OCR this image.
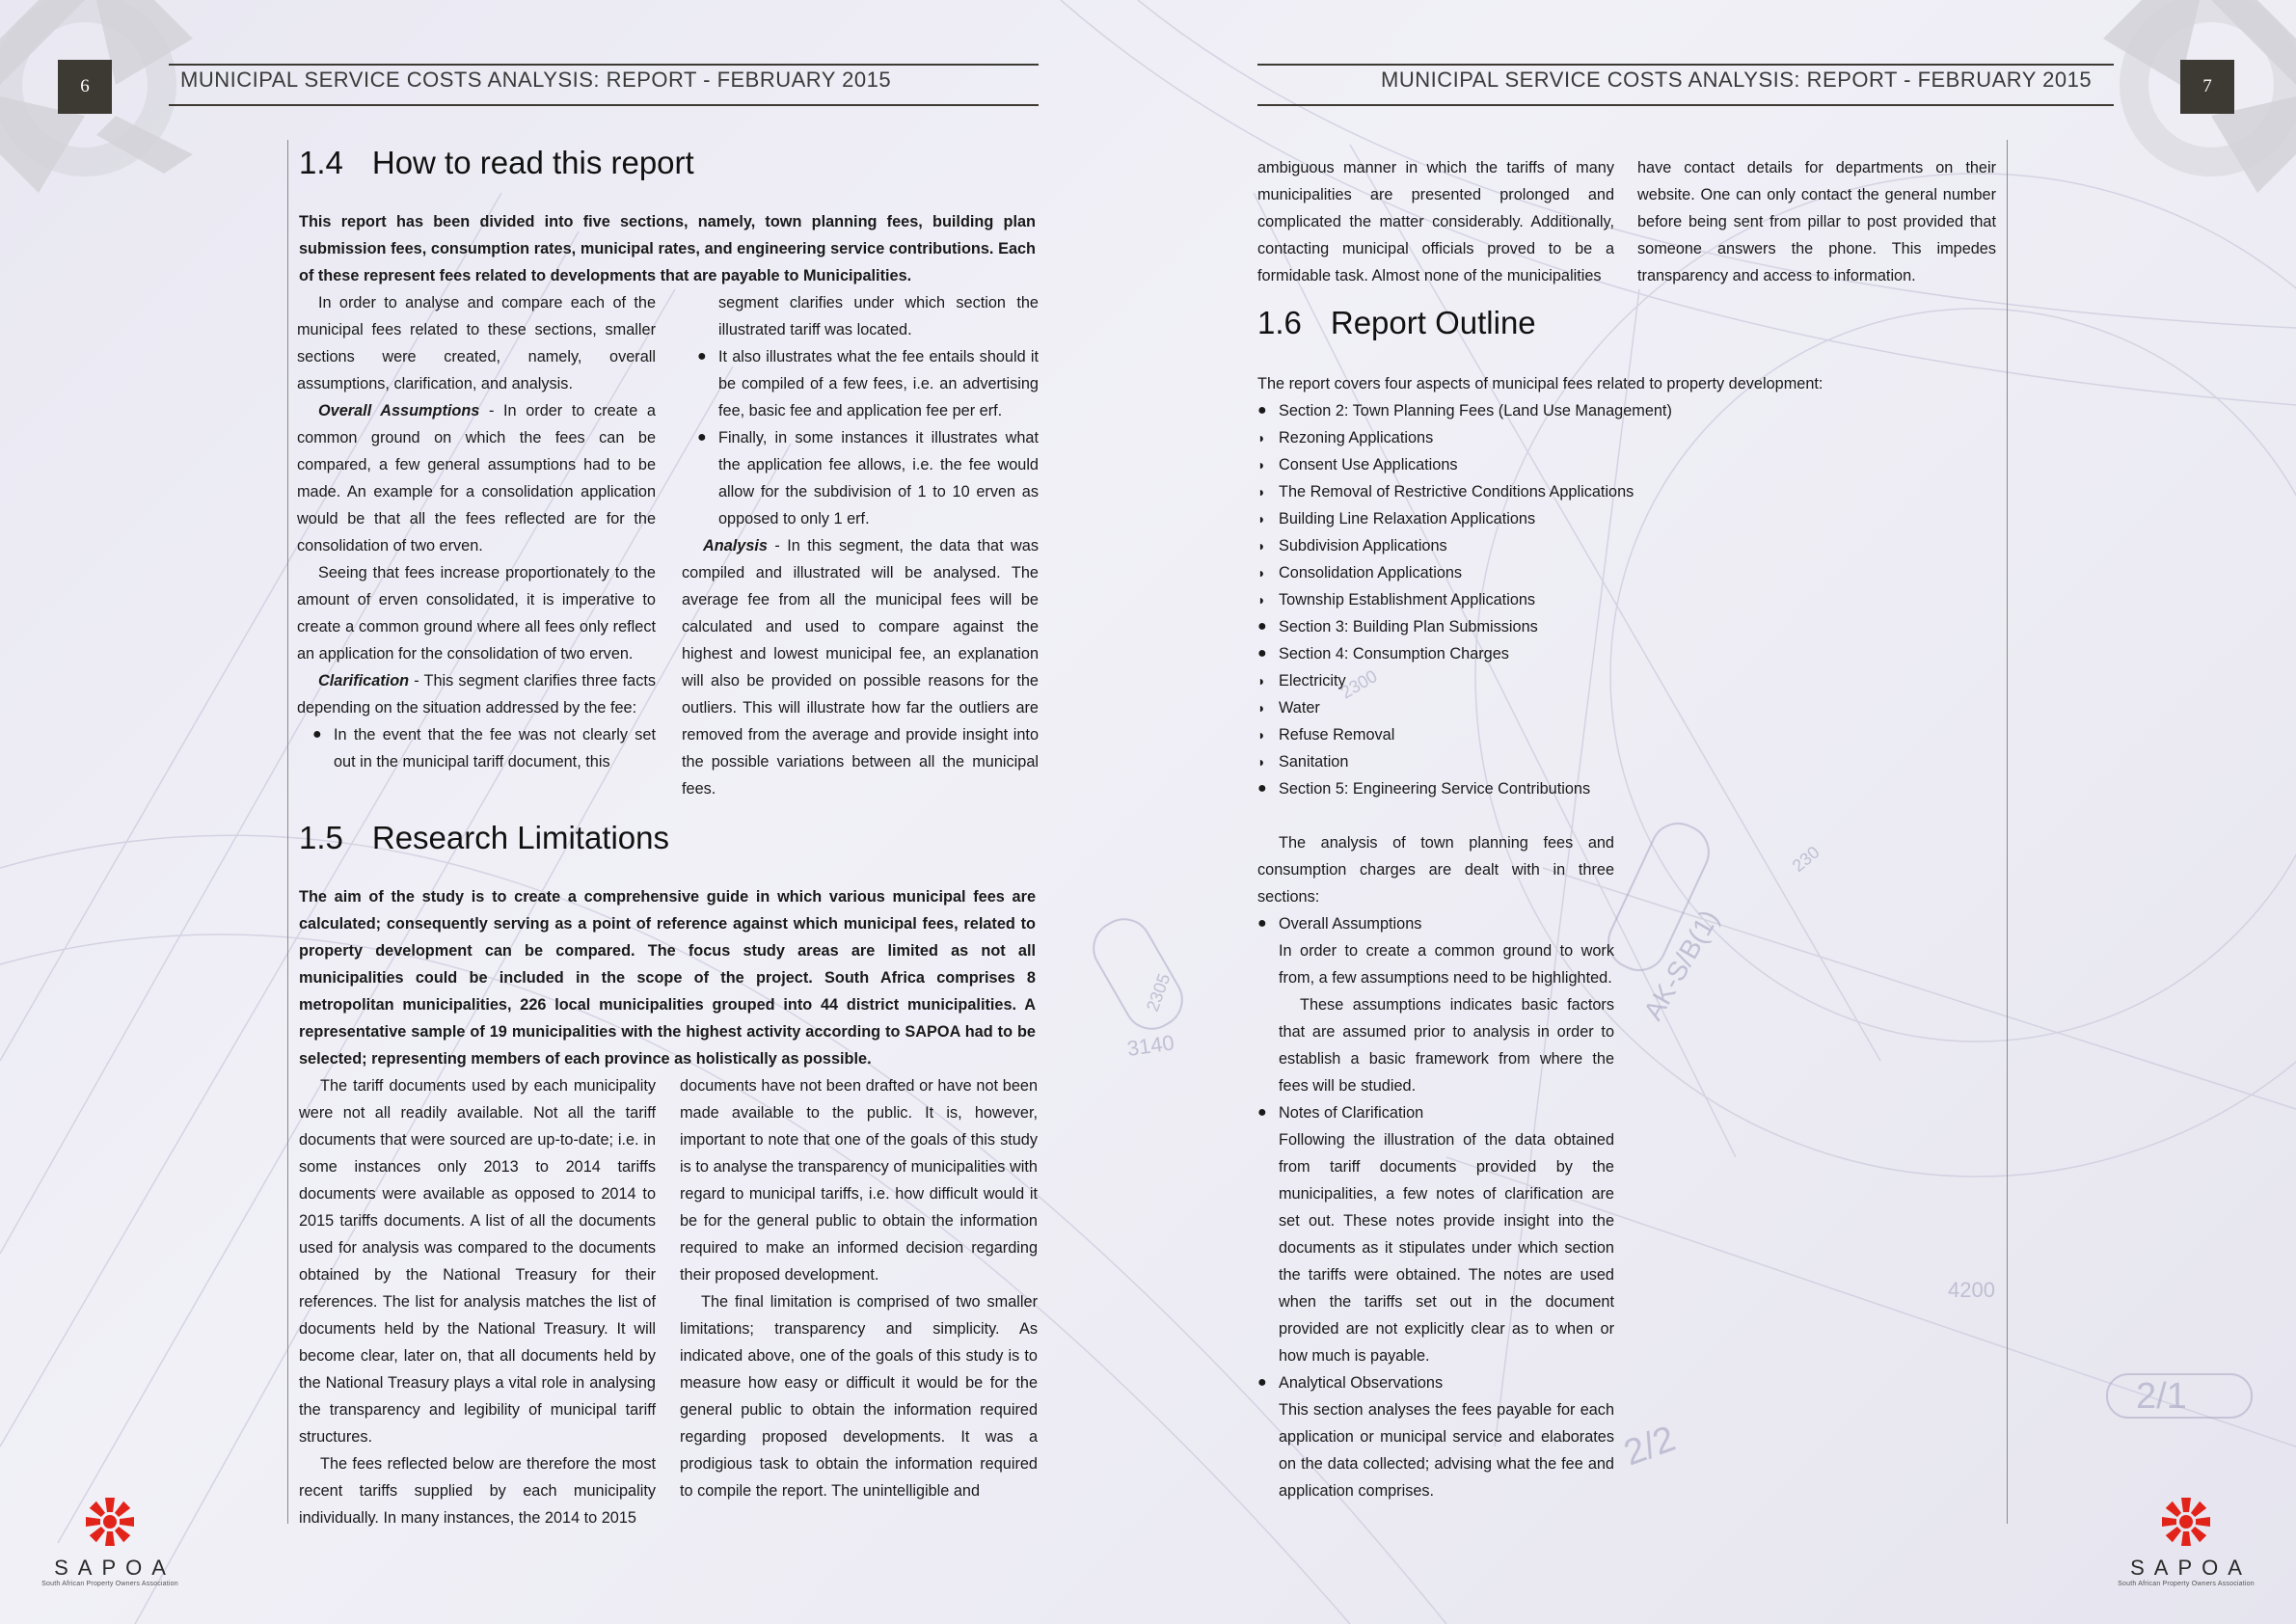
3140
4200
2/1
AK-S/B(1)
2/2
230
2305
2300
6	MUNICIPAL SERVICE COSTS ANALYSIS: REPORT - FEBRUARY 2015	7
MUNICIPAL SERVICE COSTS ANALYSIS: REPORT - FEBRUARY 2015
1.4 How to read this report

This report has been divided into five sections, namely, town planning fees, building plan submission fees, consumption rates, municipal rates, and engineering service contributions. Each of these represent fees related to developments that are payable to Municipalities.

In order to analyse and compare each of the municipal fees related to these sections, smaller sections were created, namely, overall assumptions, clarification, and analysis.

Overall Assumptions - In order to create a common ground on which the fees can be compared, a few general assumptions had to be made. An example for a consolidation application would be that all the fees reflected are for the consolidation of two erven.

Seeing that fees increase proportionately to the amount of erven consolidated, it is imperative to create a common ground where all fees only reflect an application for the consolidation of two erven.

Clarification - This segment clarifies three facts depending on the situation addressed by the fee:

● In the event that the fee was not clearly set out in the municipal tariff document, this

segment clarifies under which section the illustrated tariff was located.

● It also illustrates what the fee entails should it be compiled of a few fees, i.e. an advertising fee, basic fee and application fee per erf.

● Finally, in some instances it illustrates what the application fee allows, i.e. the fee would allow for the subdivision of 1 to 10 erven as opposed to only 1 erf.

Analysis - In this segment, the data that was compiled and illustrated will be analysed. The average fee from all the municipal fees will be calculated and used to compare against the highest and lowest municipal fee, an explanation will also be provided on possible reasons for the outliers. This will illustrate how far the outliers are removed from the average and provide insight into the possible variations between all the municipal fees.

1.5 Research Limitations

The aim of the study is to create a comprehensive guide in which various municipal fees are calculated; consequently serving as a point of reference against which municipal fees, related to property development can be compared. The focus study areas are limited as not all municipalities could be included in the scope of the project. South Africa comprises 8 metropolitan municipalities, 226 local municipalities grouped into 44 district municipalities. A representative sample of 19 municipalities with the highest activity according to SAPOA had to be selected; representing members of each province as holistically as possible.

The tariff documents used by each municipality were not all readily available. Not all the tariff documents that were sourced are up-to-date; i.e. in some instances only 2013 to 2014 tariffs documents were available as opposed to 2014 to 2015 tariffs documents. A list of all the documents used for analysis was compared to the documents obtained by the National Treasury for their references. The list for analysis matches the list of documents held by the National Treasury. It will become clear, later on, that all documents held by the National Treasury plays a vital role in analysing the transparency and legibility of municipal tariff structures.

The fees reflected below are therefore the most recent tariffs supplied by each municipality individually. In many instances, the 2014 to 2015

documents have not been drafted or have not been made available to the public. It is, however, important to note that one of the goals of this study is to analyse the transparency of municipalities with regard to municipal tariffs, i.e. how difficult would it be for the general public to obtain the information required to make an informed decision regarding their proposed development.

The final limitation is comprised of two smaller limitations; transparency and simplicity. As indicated above, one of the goals of this study is to measure how easy or difficult it would be for the general public to obtain the information required regarding proposed developments. It was a prodigious task to obtain the information required to compile the report. The unintelligible and

ambiguous manner in which the tariffs of many municipalities are presented prolonged and complicated the matter considerably. Additionally, contacting municipal officials proved to be a formidable task. Almost none of the municipalities

have contact details for departments on their website. One can only contact the general number before being sent from pillar to post provided that someone answers the phone. This impedes transparency and access to information.

1.6 Report Outline

The report covers four aspects of municipal fees related to property development:

● Section 2: Town Planning Fees (Land Use Management)

◗ Rezoning Applications

◗ Consent Use Applications

◗ The Removal of Restrictive Conditions Applications

◗ Building Line Relaxation Applications

◗ Subdivision Applications

◗ Consolidation Applications

◗ Township Establishment Applications

● Section 3: Building Plan Submissions

● Section 4: Consumption Charges

◗ Electricity

◗ Water

◗ Refuse Removal

◗ Sanitation

● Section 5: Engineering Service Contributions

The analysis of town planning fees and consumption charges are dealt with in three sections:

● Overall Assumptions

In order to create a common ground to work from, a few assumptions need to be highlighted.

These assumptions indicates basic factors that are assumed prior to analysis in order to establish a basic framework from where the fees will be studied.

● Notes of Clarification

Following the illustration of the data obtained from tariff documents provided by the municipalities, a few notes of clarification are set out. These notes provide insight into the documents as it stipulates under which section the tariffs were obtained. The notes are used when the tariffs set out in the document provided are not explicitly clear as to when or how much is payable.

● Analytical Observations

This section analyses the fees payable for each application or municipal service and elaborates on the data collected; advising what the fee and application comprises.

SAPOA
South African Property Owners Association
SAPOA
South African Property Owners Association
